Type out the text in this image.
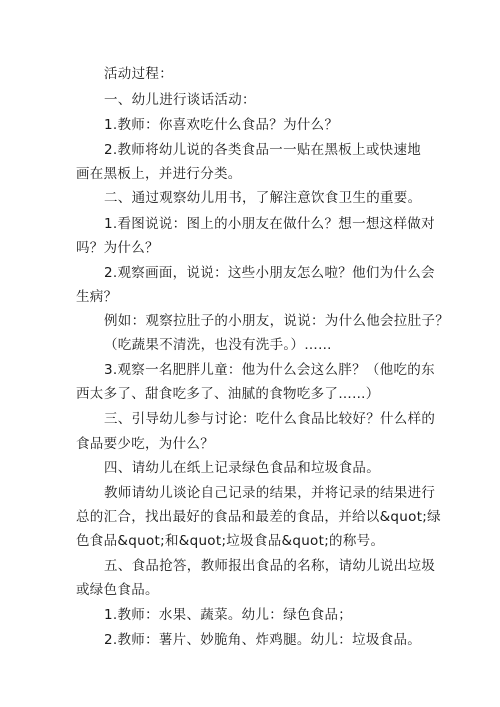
活动过程：
一、幼儿进行谈话活动：
1.教师：你喜欢吃什么食品？为什么？
2.教师将幼儿说的各类食品一一贴在黑板上或快速地
画在黑板上，并进行分类。
二、通过观察幼儿用书，了解注意饮食卫生的重要。
1.看图说说：图上的小朋友在做什么？想一想这样做对
吗？为什么？
2.观察画面，说说：这些小朋友怎么啦？他们为什么会
生病？
例如：观察拉肚子的小朋友，说说：为什么他会拉肚子？
（吃蔬果不清洗，也没有洗手。）……
3.观察一名肥胖儿童：他为什么会这么胖？（他吃的东
西太多了、甜食吃多了、油腻的食物吃多了……）
三、引导幼儿参与讨论：吃什么食品比较好？什么样的
食品要少吃，为什么？
四、请幼儿在纸上记录绿色食品和垃圾食品。
教师请幼儿谈论自己记录的结果，并将记录的结果进行
总的汇合，找出最好的食品和最差的食品，并给以&quot;绿
色食品&quot;和&quot;垃圾食品&quot;的称号。
五、食品抢答，教师报出食品的名称，请幼儿说出垃圾
或绿色食品。
1.教师：水果、蔬菜。幼儿：绿色食品；
2.教师：薯片、妙脆角、炸鸡腿。幼儿：垃圾食品。
